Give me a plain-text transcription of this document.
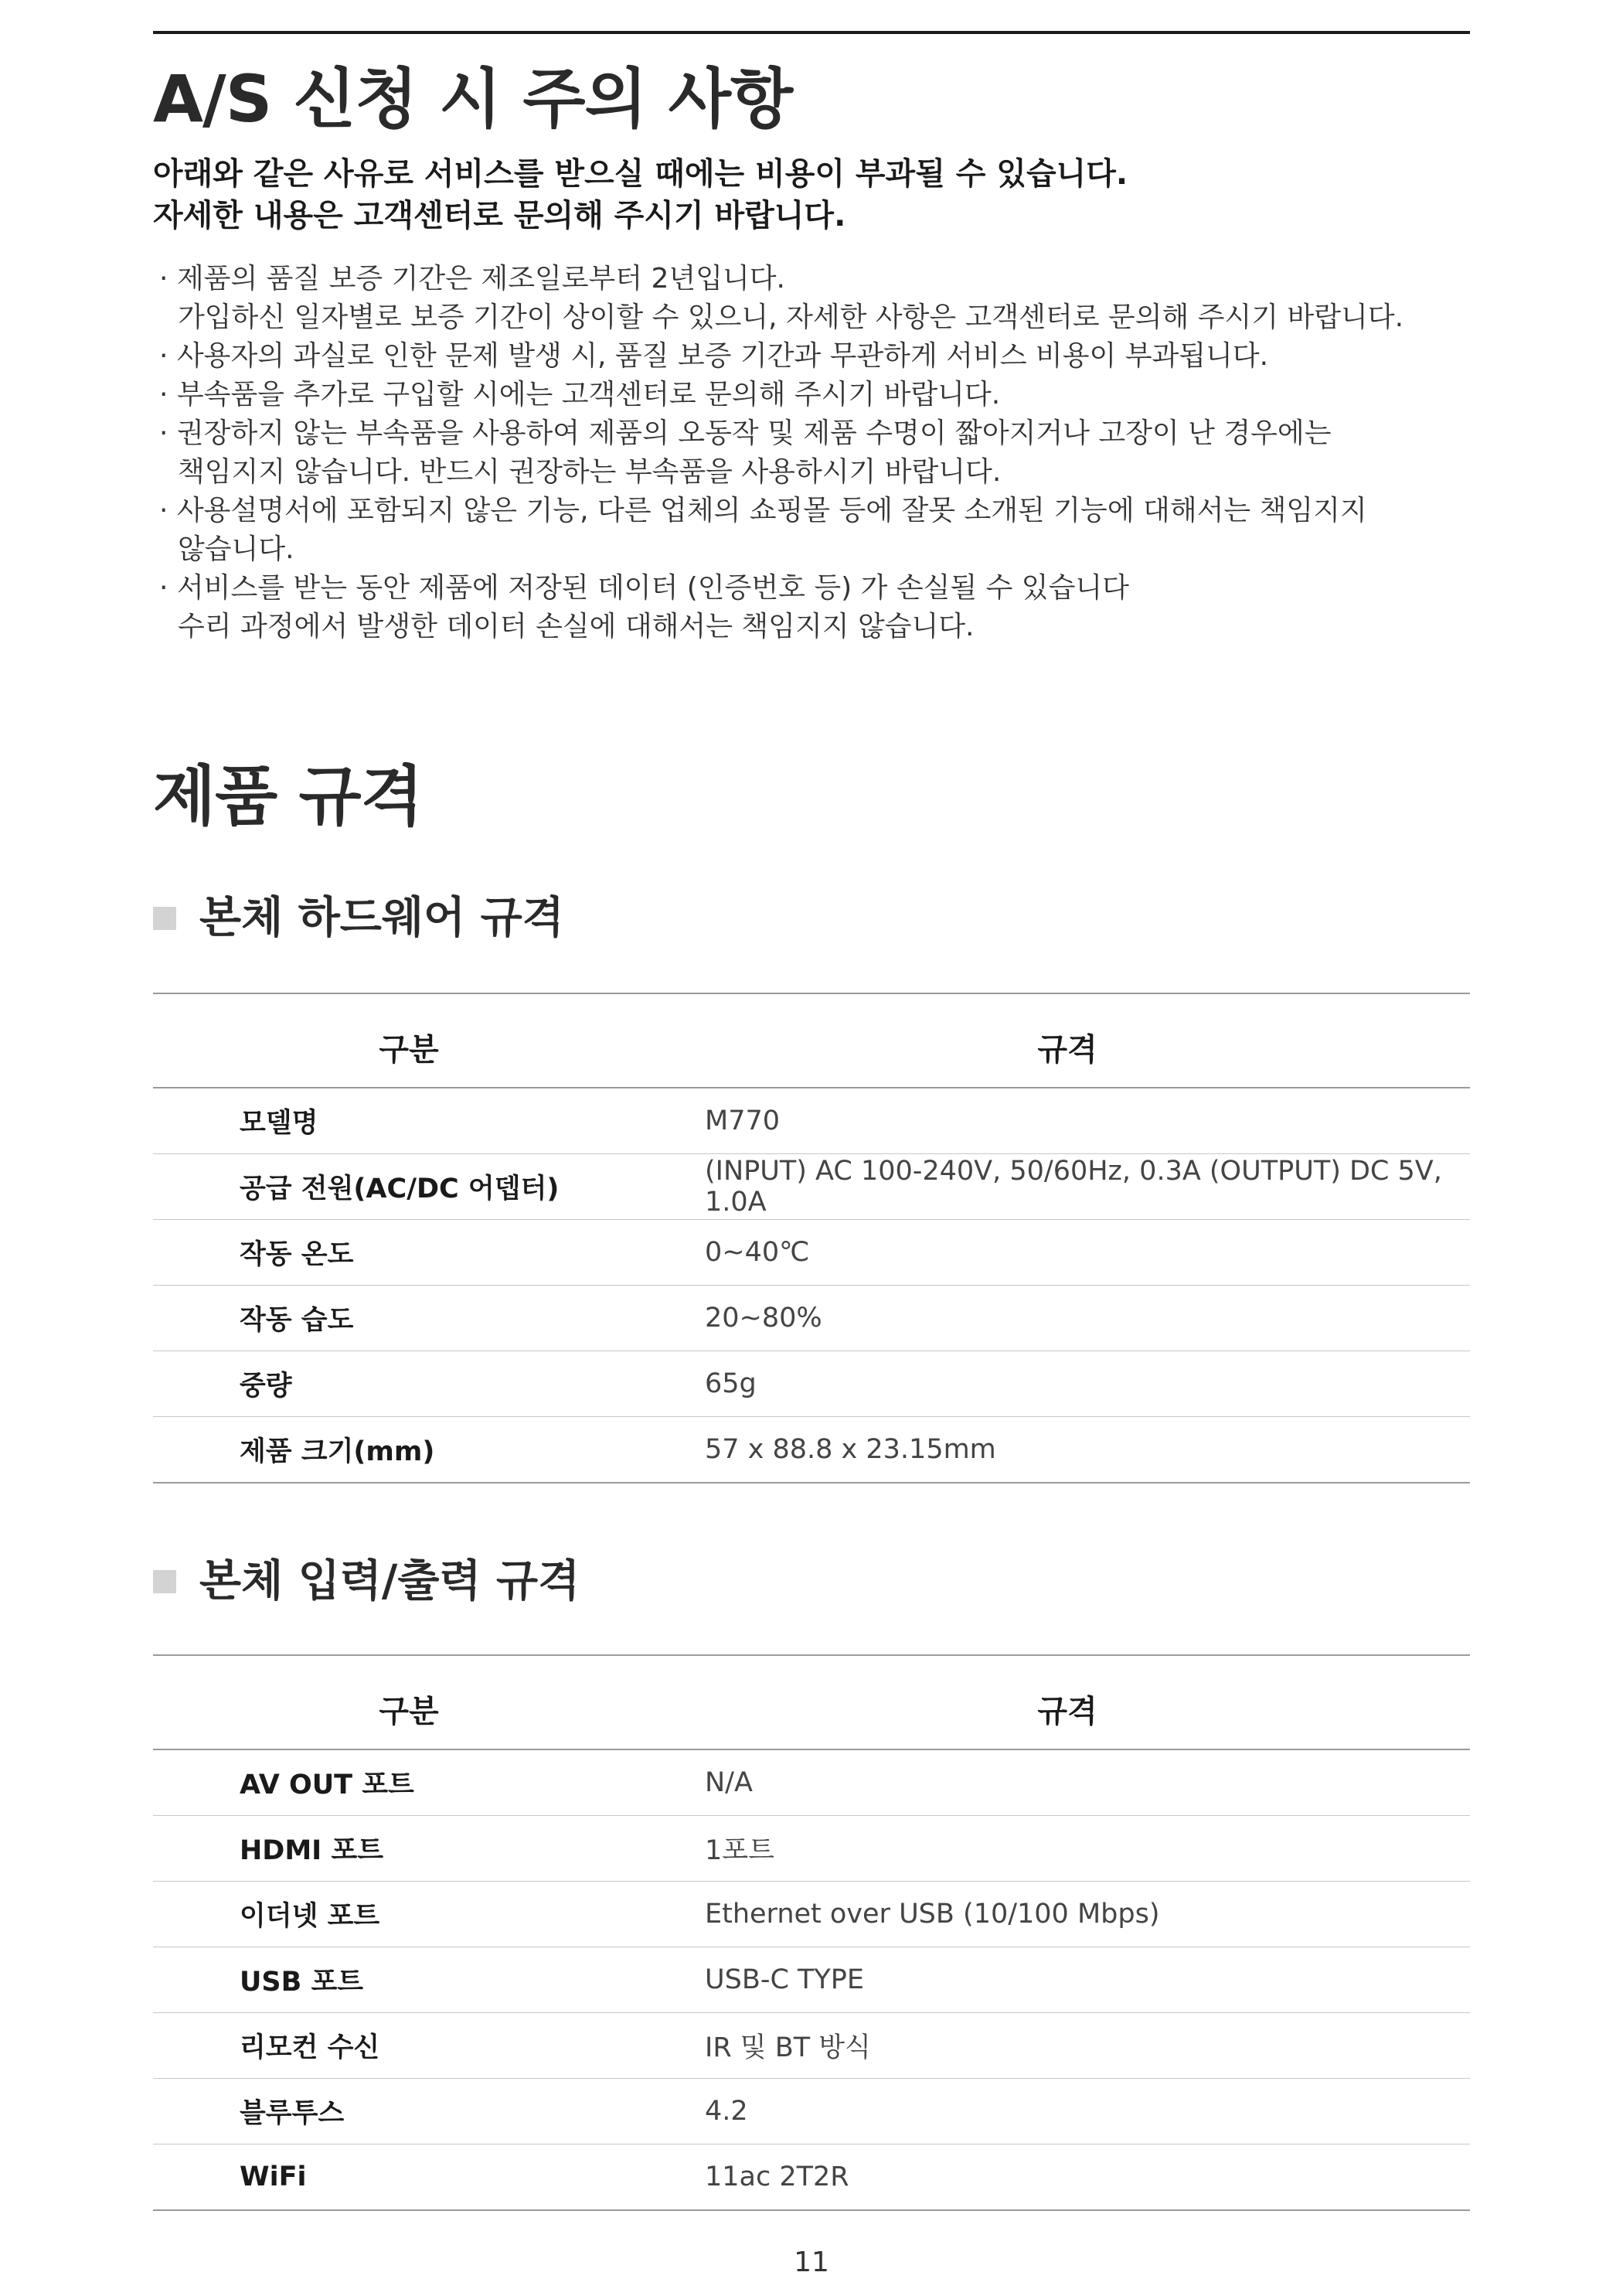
A/S 신청 시 주의 사항

아래와 같은 사유로 서비스를 받으실 때에는 비용이 부과될 수 있습니다.

자세한 내용은 고객센터로 문의해 주시기 바랍니다.

· 제품의 품질 보증 기간은 제조일로부터 2년입니다.
가입하신 일자별로 보증 기간이 상이할 수 있으니, 자세한 사항은 고객센터로 문의해 주시기 바랍니다.
· 사용자의 과실로 인한 문제 발생 시, 품질 보증 기간과 무관하게 서비스 비용이 부과됩니다.
· 부속품을 추가로 구입할 시에는 고객센터로 문의해 주시기 바랍니다.
· 권장하지 않는 부속품을 사용하여 제품의 오동작 및 제품 수명이 짧아지거나 고장이 난 경우에는
책임지지 않습니다. 반드시 권장하는 부속품을 사용하시기 바랍니다.
· 사용설명서에 포함되지 않은 기능, 다른 업체의 쇼핑몰 등에 잘못 소개된 기능에 대해서는 책임지지
않습니다.
· 서비스를 받는 동안 제품에 저장된 데이터 (인증번호 등) 가 손실될 수 있습니다
수리 과정에서 발생한 데이터 손실에 대해서는 책임지지 않습니다.
제품 규격
본체 하드웨어 규격
구분	규격
모델명	M770
공급 전원(AC/DC 어뎁터)	(INPUT) AC 100-240V, 50/60Hz, 0.3A (OUTPUT) DC 5V, 1.0A
작동 온도	0~40℃
작동 습도	20~80%
중량	65g
제품 크기(mm)	57 x 88.8 x 23.15mm
본체 입력/출력 규격
구분	규격
AV OUT 포트	N/A
HDMI 포트	1포트
이더넷 포트	Ethernet over USB (10/100 Mbps)
USB 포트	USB-C TYPE
리모컨 수신	IR 및 BT 방식
블루투스	4.2
WiFi	11ac 2T2R
11
